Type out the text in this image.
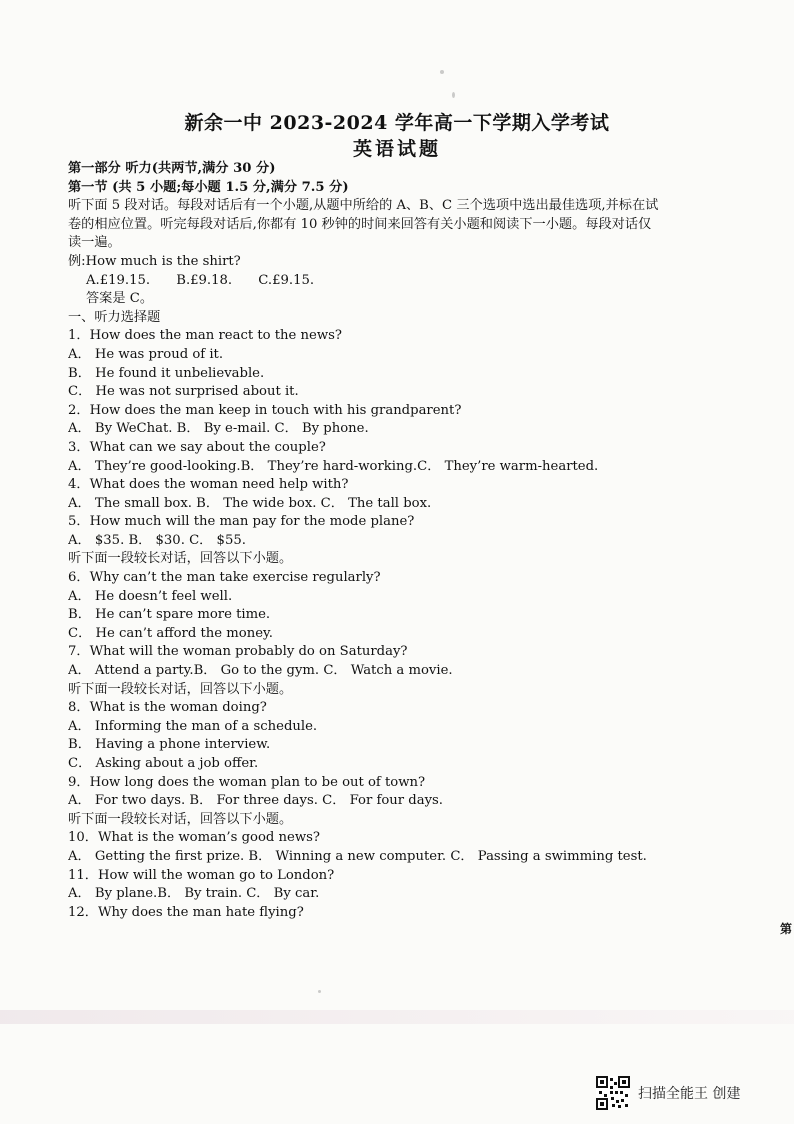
新余一中 2023-2024 学年高一下学期入学考试
英语试题
第一部分 听力(共两节,满分 30 分)
第一节 (共 5 小题;每小题 1.5 分,满分 7.5 分)
听下面 5 段对话。每段对话后有一个小题,从题中所给的 A、B、C 三个选项中选出最佳选项,并标在试
卷的相应位置。听完每段对话后,你都有 10 秒钟的时间来回答有关小题和阅读下一小题。每段对话仅
读一遍。
例:How much is the shirt?
A.£19.15. B.£9.18. C.£9.15.
答案是 C。
一、听力选择题
1．How does the man react to the news?
A． He was proud of it.
B． He found it unbelievable.
C． He was not surprised about it.
2．How does the man keep in touch with his grandparent?
A． By WeChat. B． By e-mail. C． By phone.
3．What can we say about the couple?
A． They’re good-looking.B． They’re hard-working.C． They’re warm-hearted.
4．What does the woman need help with?
A． The small box. B． The wide box. C． The tall box.
5．How much will the man pay for the mode plane?
A． $35. B． $30. C． $55.
听下面一段较长对话，回答以下小题。
6．Why can’t the man take exercise regularly?
A． He doesn’t feel well.
B． He can’t spare more time.
C． He can’t afford the money.
7．What will the woman probably do on Saturday?
A． Attend a party.B． Go to the gym. C． Watch a movie.
听下面一段较长对话，回答以下小题。
8．What is the woman doing?
A． Informing the man of a schedule.
B． Having a phone interview.
C． Asking about a job offer.
9．How long does the woman plan to be out of town?
A． For two days. B． For three days. C． For four days.
听下面一段较长对话，回答以下小题。
10．What is the woman’s good news?
A． Getting the first prize. B． Winning a new computer. C． Passing a swimming test.
11．How will the woman go to London?
A． By plane.B． By train. C． By car.
12．Why does the man hate flying?
第
扫描全能王 创建
